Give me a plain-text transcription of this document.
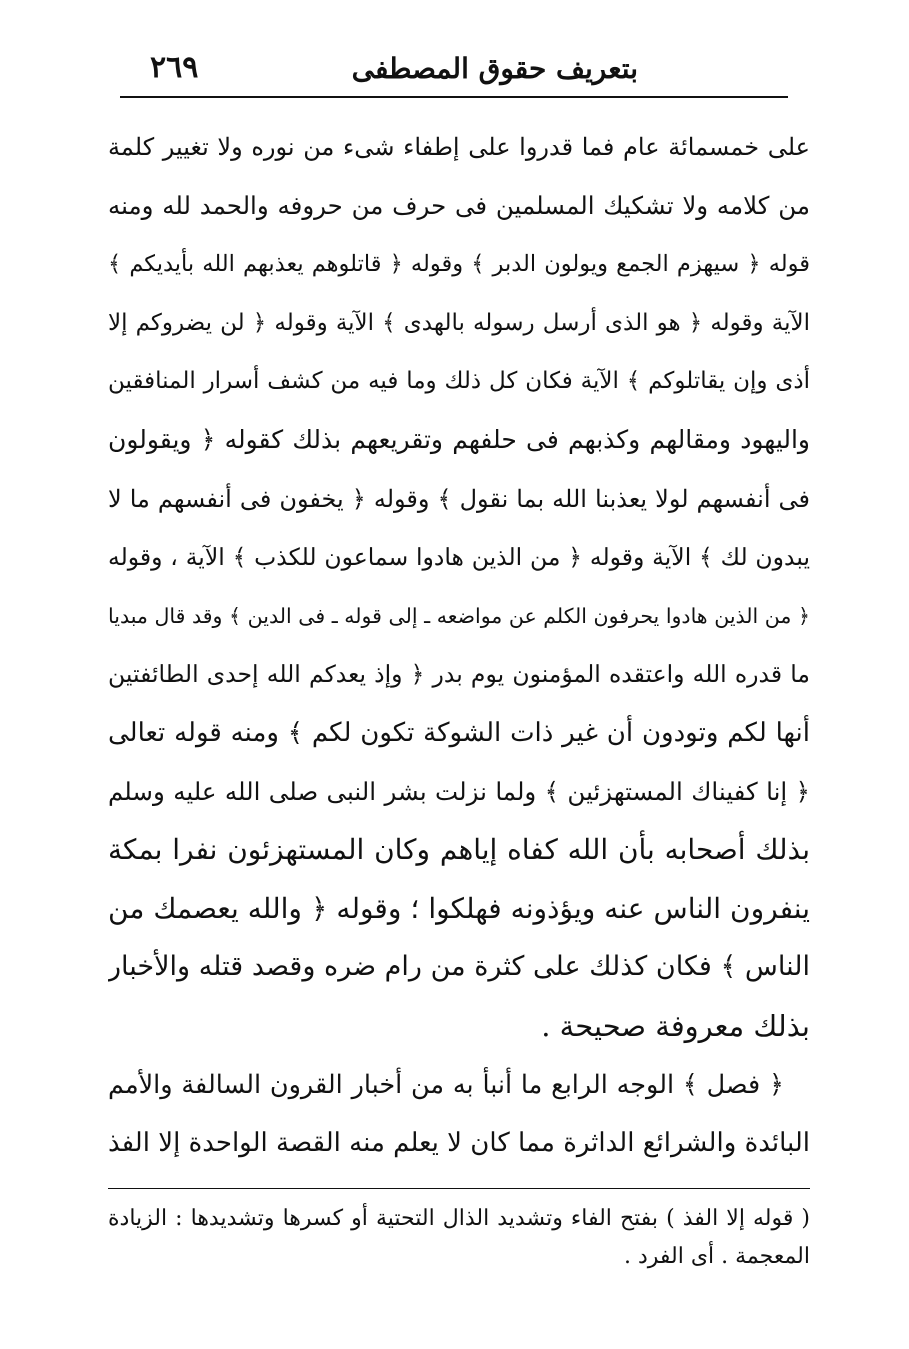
بتعريف حقوق المصطفى
٢٦٩
على خمسمائة عام فما قدروا على إطفاء شىء من نوره ولا تغيير كلمة
من كلامه ولا تشكيك المسلمين فى حرف من حروفه والحمد لله ومنه
قوله ﴿ سيهزم الجمع ويولون الدبر ﴾ وقوله ﴿ قاتلوهم يعذبهم الله بأيديكم ﴾
الآية وقوله ﴿ هو الذى أرسل رسوله بالهدى ﴾ الآية وقوله ﴿ لن يضروكم إلا
أذى وإن يقاتلوكم ﴾ الآية فكان كل ذلك وما فيه من كشف أسرار المنافقين
واليهود ومقالهم وكذبهم فى حلفهم وتقريعهم بذلك كقوله ﴿ ويقولون
فى أنفسهم لولا يعذبنا الله بما نقول ﴾ وقوله ﴿ يخفون فى أنفسهم ما لا
يبدون لك ﴾ الآية وقوله ﴿ من الذين هادوا سماعون للكذب ﴾ الآية ، وقوله
﴿ من الذين هادوا يحرفون الكلم عن مواضعه ـ إلى قوله ـ فى الدين ﴾ وقد قال مبديا
ما قدره الله واعتقده المؤمنون يوم بدر ﴿ وإذ يعدكم الله إحدى الطائفتين
أنها لكم وتودون أن غير ذات الشوكة تكون لكم ﴾ ومنه قوله تعالى
﴿ إنا كفيناك المستهزئين ﴾ ولما نزلت بشر النبى صلى الله عليه وسلم
بذلك أصحابه بأن الله كفاه إياهم وكان المستهزئون نفرا بمكة
ينفرون الناس عنه ويؤذونه فهلكوا ؛ وقوله ﴿ والله يعصمك من
الناس ﴾ فكان كذلك على كثرة من رام ضره وقصد قتله والأخبار
بذلك معروفة صحيحة .
﴿ فصل ﴾ الوجه الرابع ما أنبأ به من أخبار القرون السالفة والأمم
البائدة والشرائع الداثرة مما كان لا يعلم منه القصة الواحدة إلا الفذ
( قوله إلا الفذ ) بفتح الفاء وتشديد الذال التحتية أو كسرها وتشديدها : الزيادة
المعجمة . أى الفرد .
